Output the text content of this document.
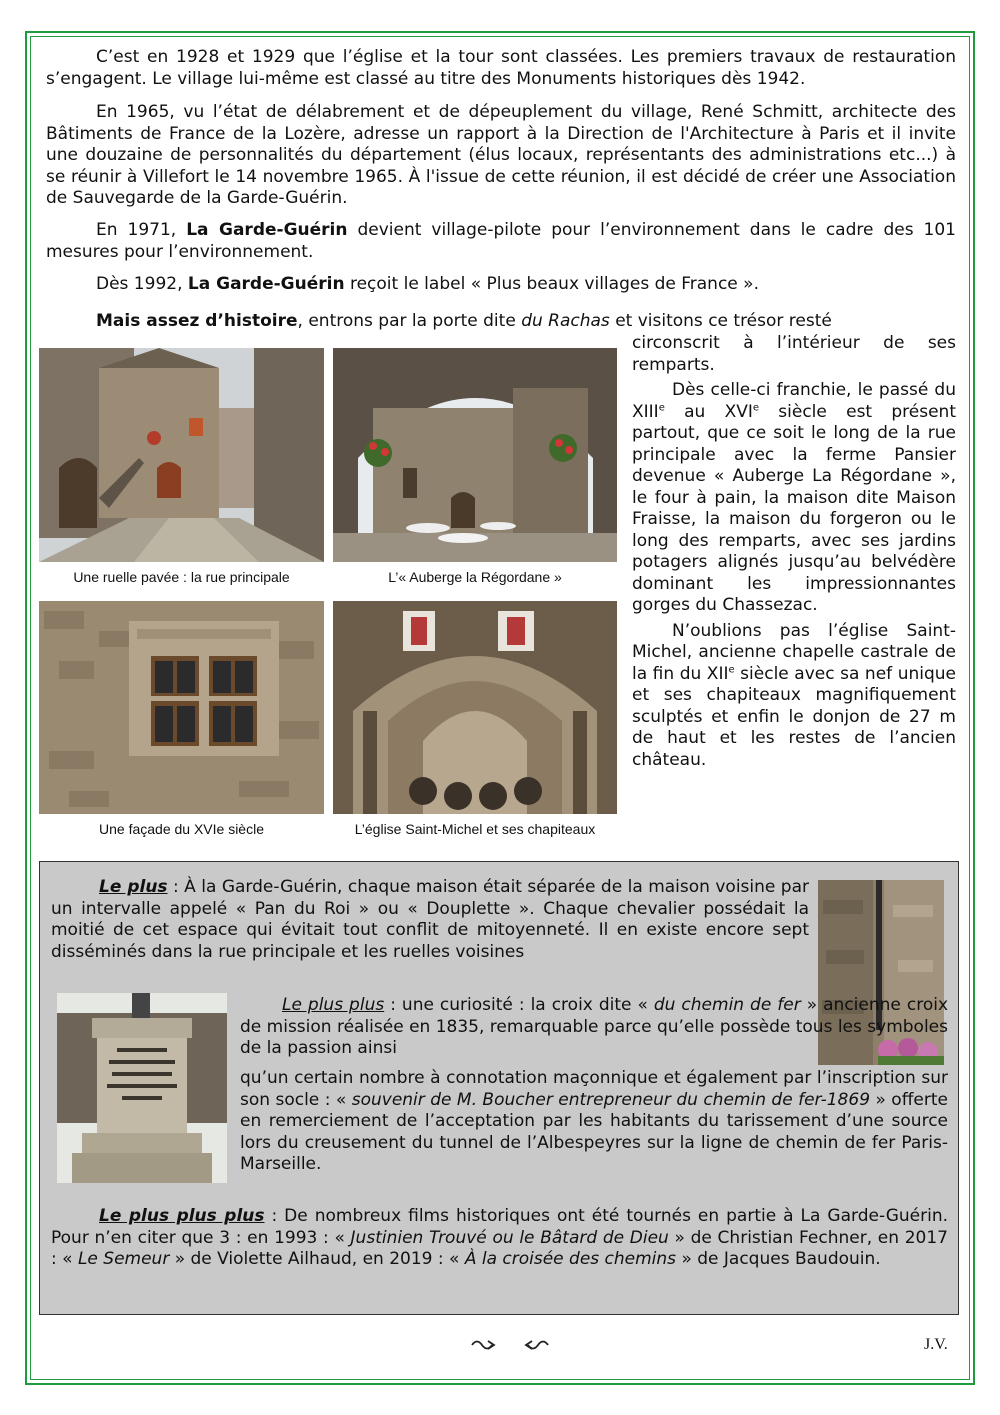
C’est en 1928 et 1929 que l’église et la tour sont classées. Les premiers travaux de restauration s’engagent. Le village lui-même est classé au titre des Monuments historiques dès 1942.
En 1965, vu l’état de délabrement et de dépeuplement du village, René Schmitt, architecte des Bâtiments de France de la Lozère, adresse un rapport à la Direction de l'Architecture à Paris et il invite une douzaine de personnalités du département (élus locaux, représentants des administrations etc...) à se réunir à Villefort le 14 novembre 1965. À l'issue de cette réunion, il est décidé de créer une Association de Sauvegarde de la Garde-Guérin.
En 1971, La Garde-Guérin devient village-pilote pour l’environnement dans le cadre des 101 mesures pour l’environnement.
Dès 1992, La Garde-Guérin reçoit le label « Plus beaux villages de France ».
Mais assez d’histoire, entrons par la porte dite du Rachas et visitons ce trésor resté

circonscrit à l’intérieur de ses remparts.

Dès celle-ci franchie, le passé du XIIIe au XVIe siècle est présent partout, que ce soit le long de la rue principale avec la ferme Pansier devenue « Auberge La Régordane », le four à pain, la maison dite Maison Fraisse, la maison du forgeron ou le long des remparts, avec ses jardins potagers alignés jusqu’au belvédère dominant les impressionnantes gorges du Chassezac.

N’oublions pas l’église Saint-Michel, ancienne chapelle castrale de la fin du XIIe siècle avec sa nef unique et ses chapiteaux magnifiquement sculptés et enfin le donjon de 27 m de haut et les restes de l’ancien château.

Une ruelle pavée : la rue principale	L’« Auberge la Régordane »
Une façade du XVIe siècle	L’église Saint-Michel et ses chapiteaux
Le plus : À la Garde-Guérin, chaque maison était séparée de la maison voisine par un intervalle appelé « Pan du Roi » ou « Douplette ». Chaque chevalier possédait la moitié de cet espace qui évitait tout conflit de mitoyenneté. Il en existe encore sept disséminés dans la rue principale et les ruelles voisines
Le plus plus : une curiosité : la croix dite « du chemin de fer » ancienne croix de mission réalisée en 1835, remarquable parce qu’elle possède tous les symboles de la passion ainsi
qu’un certain nombre à connotation maçonnique et également par l’inscription sur son socle : « souvenir de M. Boucher entrepreneur du chemin de fer-1869 » offerte en remerciement de l’acceptation par les habitants du tarissement d’une source lors du creusement du tunnel de l’Albespeyres sur la ligne de chemin de fer Paris-Marseille.
Le plus plus plus : De nombreux films historiques ont été tournés en partie à La Garde-Guérin. Pour n’en citer que 3 : en 1993 : « Justinien Trouvé ou le Bâtard de Dieu » de Christian Fechner, en 2017 : « Le Semeur » de Violette Ailhaud, en 2019 : « À la croisée des chemins » de Jacques Baudouin.
J.V.
